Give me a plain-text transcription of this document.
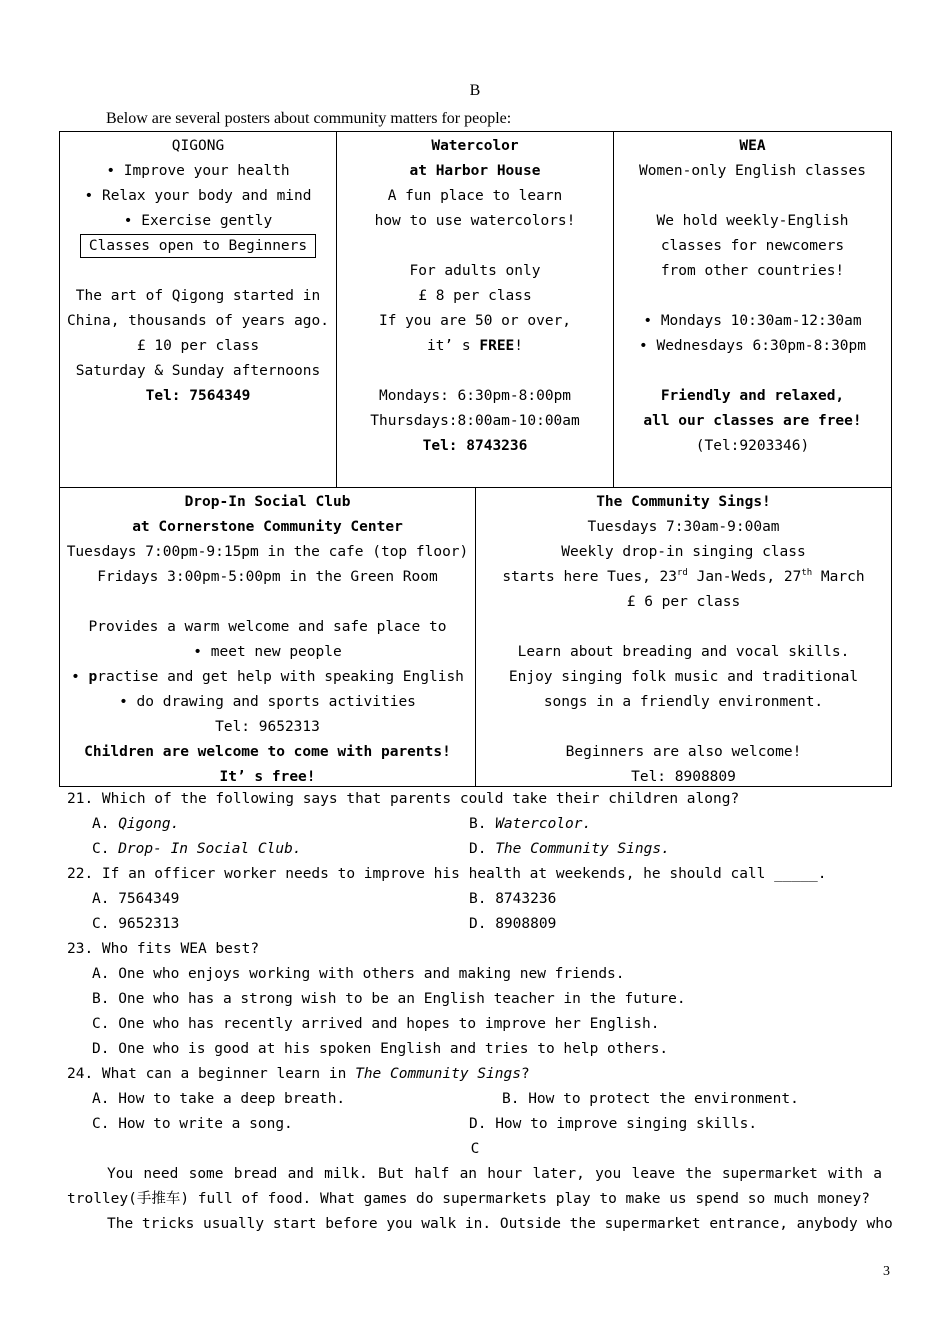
B
Below are several posters about community matters for people:
QIGONG
• Improve your health
• Relax your body and mind
• Exercise gently
Classes open to Beginners
The art of Qigong started in
China, thousands of years ago.
£ 10 per class
Saturday & Sunday afternoons
Tel: 7564349
Watercolor
at Harbor House
A fun place to learn
how to use watercolors!
For adults only
£ 8 per class
If you are 50 or over,
it’ s FREE!
Mondays: 6:30pm-8:00pm
Thursdays:8:00am-10:00am
Tel: 8743236
WEA
Women-only English classes
We hold weekly-English
classes for newcomers
from other countries!
• Mondays 10:30am-12:30am
• Wednesdays 6:30pm-8:30pm
Friendly and relaxed,
all our classes are free!
(Tel:9203346)
Drop-In Social Club
at Cornerstone Community Center
Tuesdays 7:00pm-9:15pm in the cafe (top floor)
Fridays 3:00pm-5:00pm in the Green Room
Provides a warm welcome and safe place to
• meet new people
• practise and get help with speaking English
• do drawing and sports activities
Tel: 9652313
Children are welcome to come with parents!
It’ s free!
The Community Sings!
Tuesdays 7:30am-9:00am
Weekly drop-in singing class
starts here Tues, 23rd Jan-Weds, 27th March
£ 6 per class
Learn about breading and vocal skills.
Enjoy singing folk music and traditional
songs in a friendly environment.
Beginners are also welcome!
Tel: 8908809
21. Which of the following says that parents could take their children along?
A. Qigong.	B. Watercolor.
C. Drop- In Social Club.	D. The Community Sings.
22. If an officer worker needs to improve his health at weekends, he should call _____.
A. 7564349	B. 8743236
C. 9652313	D. 8908809
23. Who fits WEA best?
A. One who enjoys working with others and making new friends.
B. One who has a strong wish to be an English teacher in the future.
C. One who has recently arrived and hopes to improve her English.
D. One who is good at his spoken English and tries to help others.
24. What can a beginner learn in The Community Sings?
A. How to take a deep breath.	B. How to protect the environment.
C. How to write a song.	D. How to improve singing skills.
C
You need some bread and milk. But half an hour later, you leave the supermarket with a
trolley(手推车) full of food. What games do supermarkets play to make us spend so much money?
The tricks usually start before you walk in. Outside the supermarket entrance, anybody who
3
